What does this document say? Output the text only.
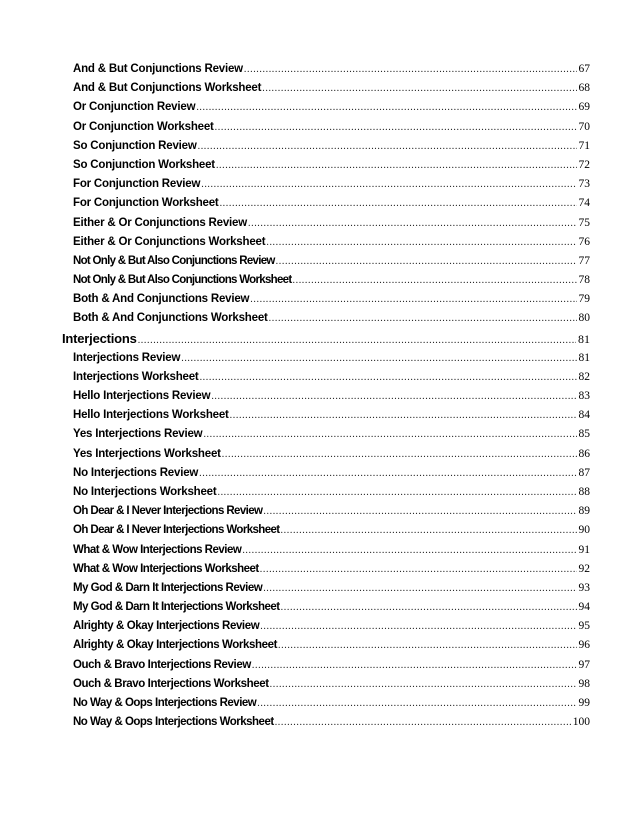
And & But Conjunctions Review .....	67
And & But Conjunctions Worksheet .....	68
Or Conjunction Review .....	69
Or Conjunction Worksheet .....	70
So Conjunction Review .....	71
So Conjunction Worksheet .....	72
For Conjunction Review .....	73
For Conjunction Worksheet .....	74
Either & Or Conjunctions Review .....	75
Either & Or Conjunctions Worksheet .....	76
Not Only & But Also Conjunctions Review .....	77
Not Only & But Also Conjunctions Worksheet .....	78
Both & And Conjunctions Review .....	79
Both & And Conjunctions Worksheet .....	80
Interjections .....	81
Interjections Review .....	81
Interjections Worksheet .....	82
Hello Interjections Review .....	83
Hello Interjections Worksheet .....	84
Yes Interjections Review .....	85
Yes Interjections Worksheet .....	86
No Interjections Review .....	87
No Interjections Worksheet .....	88
Oh Dear & I Never Interjections Review .....	89
Oh Dear & I Never Interjections Worksheet .....	90
What & Wow Interjections Review .....	91
What & Wow Interjections Worksheet .....	92
My God & Darn It Interjections Review .....	93
My God & Darn It Interjections Worksheet .....	94
Alrighty & Okay Interjections Review .....	95
Alrighty & Okay Interjections Worksheet .....	96
Ouch & Bravo Interjections Review .....	97
Ouch & Bravo Interjections Worksheet .....	98
No Way & Oops Interjections Review .....	99
No Way & Oops Interjections Worksheet .....	100
